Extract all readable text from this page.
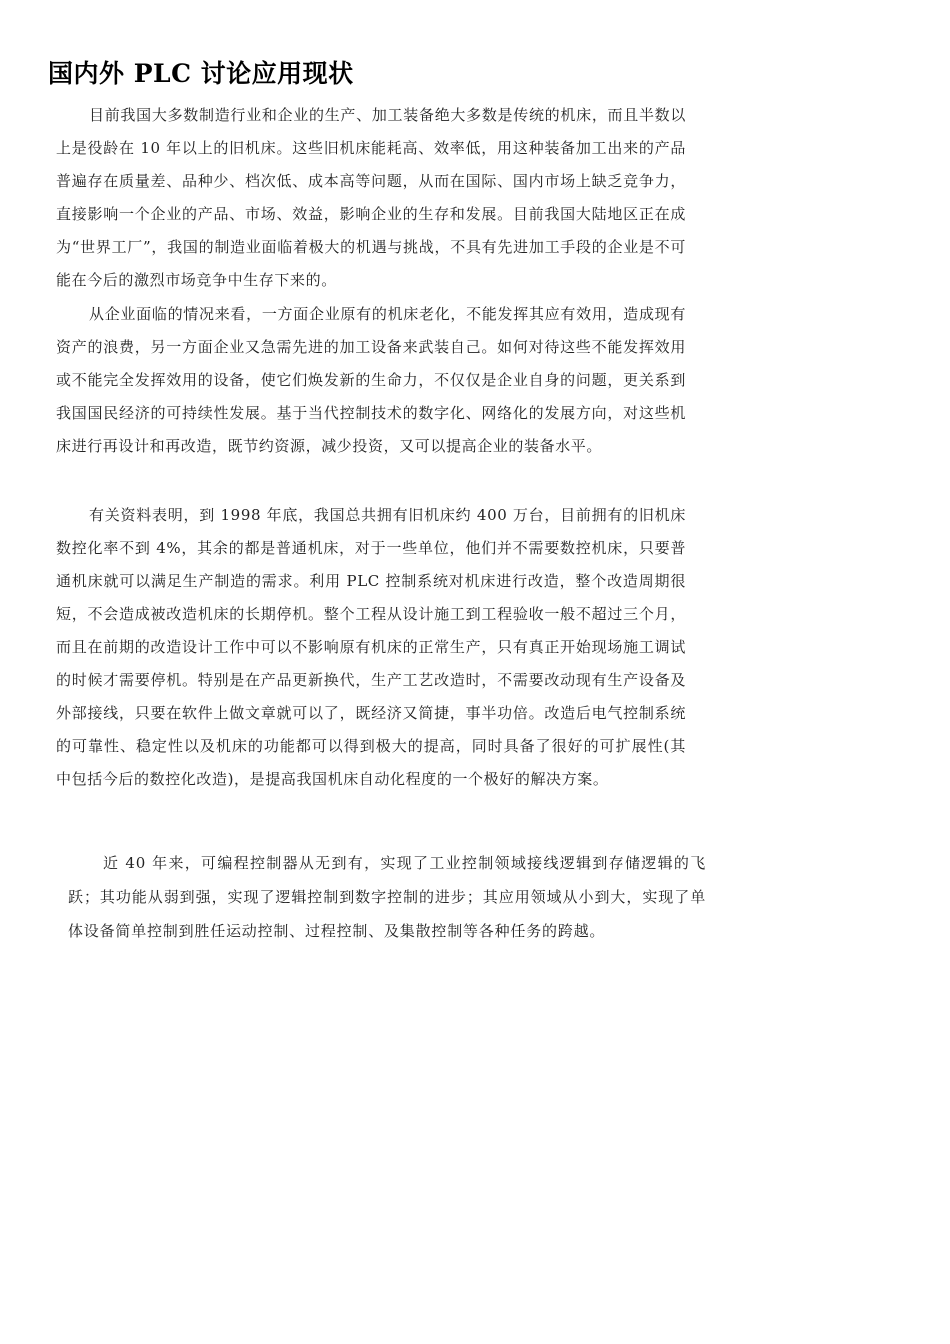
国内外 PLC 讨论应用现状

目前我国大多数制造行业和企业的生产、加工装备绝大多数是传统的机床，而且半数以上是役龄在 10 年以上的旧机床。这些旧机床能耗高、效率低，用这种装备加工出来的产品普遍存在质量差、品种少、档次低、成本高等问题，从而在国际、国内市场上缺乏竞争力，直接影响一个企业的产品、市场、效益，影响企业的生存和发展。目前我国大陆地区正在成为“世界工厂”，我国的制造业面临着极大的机遇与挑战，不具有先进加工手段的企业是不可能在今后的激烈市场竞争中生存下来的。

从企业面临的情况来看，一方面企业原有的机床老化，不能发挥其应有效用，造成现有资产的浪费，另一方面企业又急需先进的加工设备来武装自己。如何对待这些不能发挥效用或不能完全发挥效用的设备，使它们焕发新的生命力，不仅仅是企业自身的问题，更关系到我国国民经济的可持续性发展。基于当代控制技术的数字化、网络化的发展方向，对这些机床进行再设计和再改造，既节约资源，减少投资，又可以提高企业的装备水平。

有关资料表明，到 1998 年底，我国总共拥有旧机床约 400 万台，目前拥有的旧机床数控化率不到 4%，其余的都是普通机床，对于一些单位，他们并不需要数控机床，只要普通机床就可以满足生产制造的需求。利用 PLC 控制系统对机床进行改造，整个改造周期很短，不会造成被改造机床的长期停机。整个工程从设计施工到工程验收一般不超过三个月，而且在前期的改造设计工作中可以不影响原有机床的正常生产，只有真正开始现场施工调试的时候才需要停机。特别是在产品更新换代，生产工艺改造时，不需要改动现有生产设备及外部接线，只要在软件上做文章就可以了，既经济又简捷，事半功倍。改造后电气控制系统的可靠性、稳定性以及机床的功能都可以得到极大的提高，同时具备了很好的可扩展性(其中包括今后的数控化改造)，是提高我国机床自动化程度的一个极好的解决方案。

近 40 年来，可编程控制器从无到有，实现了工业控制领域接线逻辑到存储逻辑的飞跃；其功能从弱到强，实现了逻辑控制到数字控制的进步；其应用领域从小到大，实现了单体设备简单控制到胜任运动控制、过程控制、及集散控制等各种任务的跨越。
